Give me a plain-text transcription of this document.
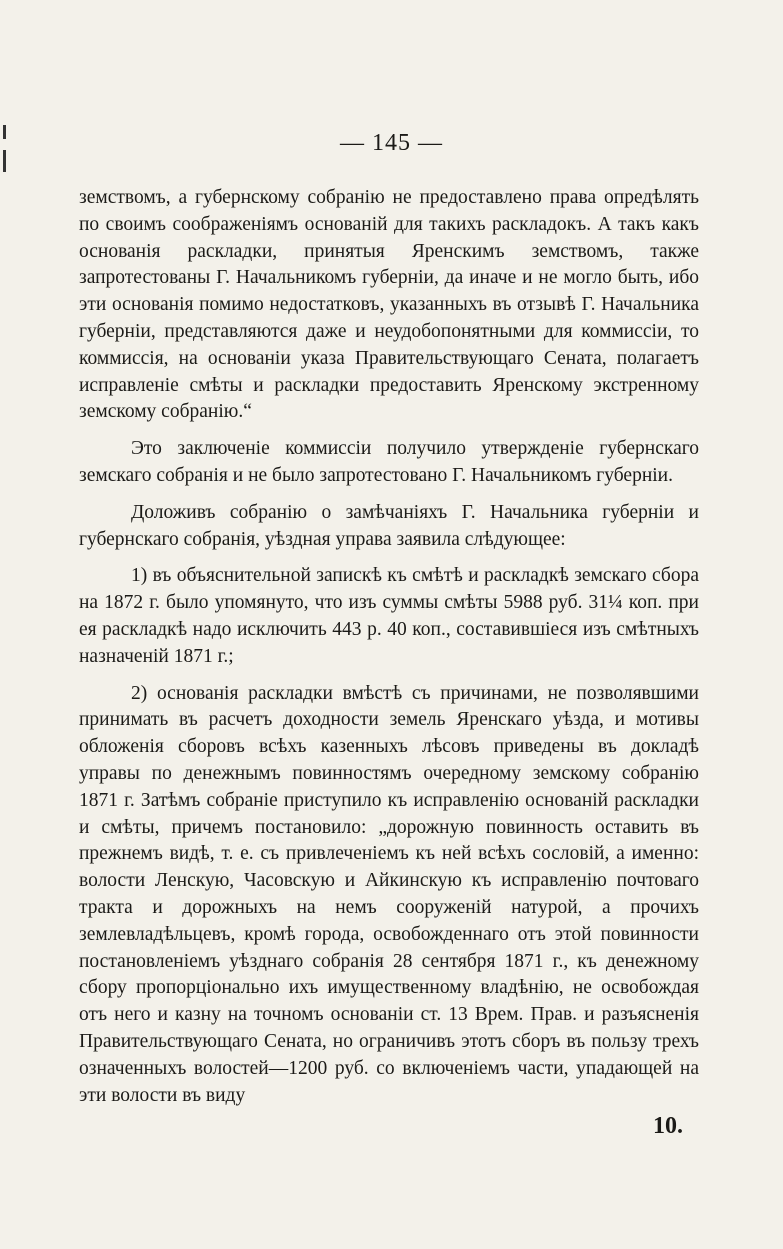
— 145 —

земствомъ, а губернскому собранію не предоставлено права опредѣлять по своимъ соображеніямъ основаній для такихъ раскладокъ. А такъ какъ основанія раскладки, принятыя Яренскимъ земствомъ, также запротестованы Г. Начальникомъ губерніи, да иначе и не могло быть, ибо эти основанія помимо недостатковъ, указанныхъ въ отзывѣ Г. Начальника губерніи, представляются даже и неудобопонятными для коммиссіи, то коммиссія, на основаніи указа Правительствующаго Сената, полагаетъ исправленіе смѣты и раскладки предоставить Яренскому экстренному земскому собранію.“

Это заключеніе коммиссіи получило утвержденіе губернскаго земскаго собранія и не было запротестовано Г. Начальникомъ губерніи.

Доложивъ собранію о замѣчаніяхъ Г. Начальника губерніи и губернскаго собранія, уѣздная управа заявила слѣдующее:

1) въ объяснительной запискѣ къ смѣтѣ и раскладкѣ земскаго сбора на 1872 г. было упомянуто, что изъ суммы смѣты 5988 руб. 31¼ коп. при ея раскладкѣ надо исключить 443 р. 40 коп., составившіеся изъ смѣтныхъ назначеній 1871 г.;

2) основанія раскладки вмѣстѣ съ причинами, не позволявшими принимать въ расчетъ доходности земель Яренскаго уѣзда, и мотивы обложенія сборовъ всѣхъ казенныхъ лѣсовъ приведены въ докладѣ управы по денежнымъ повинностямъ очередному земскому собранію 1871 г. Затѣмъ собраніе приступило къ исправленію основаній раскладки и смѣты, причемъ постановило: „дорожную повинность оставить въ прежнемъ видѣ, т. е. съ привлеченіемъ къ ней всѣхъ сословій, а именно: волости Ленскую, Часовскую и Айкинскую къ исправленію почтоваго тракта и дорожныхъ на немъ сооруженій натурой, а прочихъ землевладѣльцевъ, кромѣ города, освобожденнаго отъ этой повинности постановленіемъ уѣзднаго собранія 28 сентября 1871 г., къ денежному сбору пропорціонально ихъ имущественному владѣнію, не освобождая отъ него и казну на точномъ основаніи ст. 13 Врем. Прав. и разъясненія Правительствующаго Сената, но ограничивъ этотъ сборъ въ пользу трехъ означенныхъ волостей—1200 руб. со включеніемъ части, упадающей на эти волости въ виду

10.
